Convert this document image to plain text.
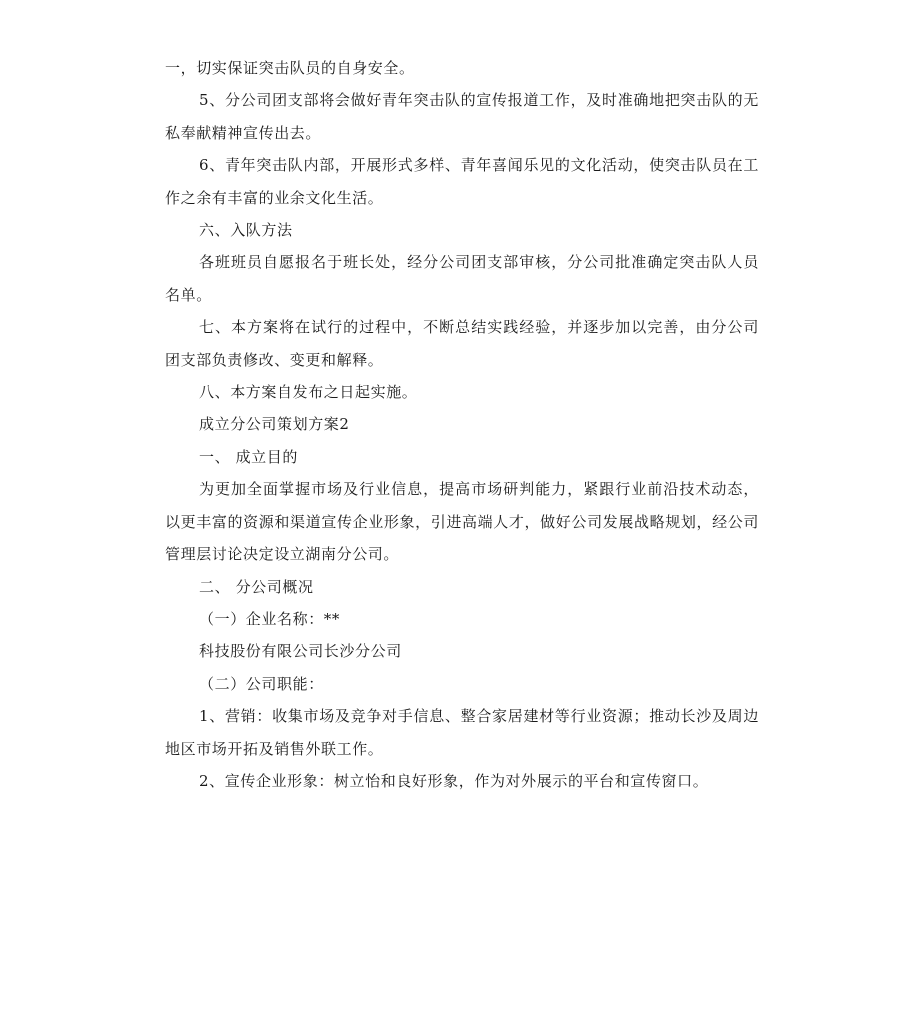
一，切实保证突击队员的自身安全。

5、分公司团支部将会做好青年突击队的宣传报道工作，及时准确地把突击队的无私奉献精神宣传出去。

6、青年突击队内部，开展形式多样、青年喜闻乐见的文化活动，使突击队员在工作之余有丰富的业余文化生活。

六、入队方法

各班班员自愿报名于班长处，经分公司团支部审核，分公司批准确定突击队人员名单。

七、本方案将在试行的过程中，不断总结实践经验，并逐步加以完善，由分公司团支部负责修改、变更和解释。

八、本方案自发布之日起实施。

成立分公司策划方案2

一、 成立目的

为更加全面掌握市场及行业信息，提高市场研判能力，紧跟行业前沿技术动态，以更丰富的资源和渠道宣传企业形象，引进高端人才，做好公司发展战略规划，经公司管理层讨论决定设立湖南分公司。

二、 分公司概况

（一）企业名称：**

科技股份有限公司长沙分公司

（二）公司职能：

1、营销：收集市场及竞争对手信息、整合家居建材等行业资源；推动长沙及周边地区市场开拓及销售外联工作。

2、宣传企业形象：树立怡和良好形象，作为对外展示的平台和宣传窗口。
